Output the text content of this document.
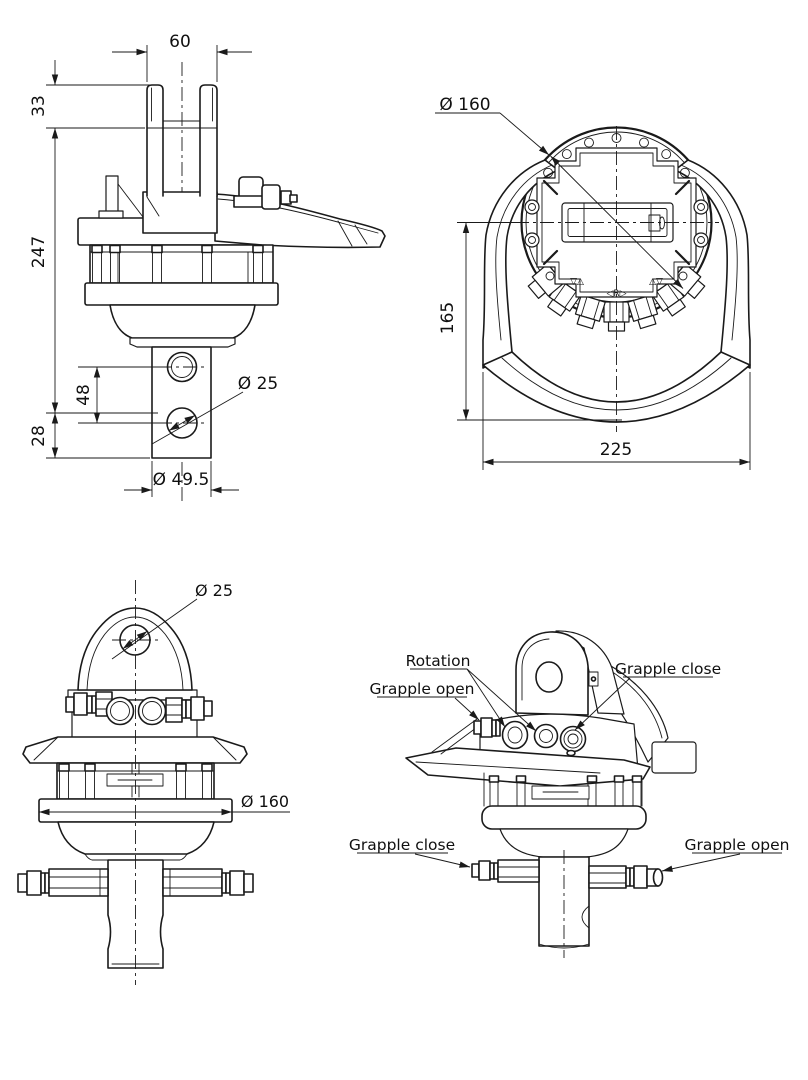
60
33
247
48
28
Ø 25
Ø 49.5
▽△
◁R▷
△▽
Ø 160
165
225
Ø 25
Ø 160
Rotation
Grapple open
Grapple close
Grapple close	Grapple open
